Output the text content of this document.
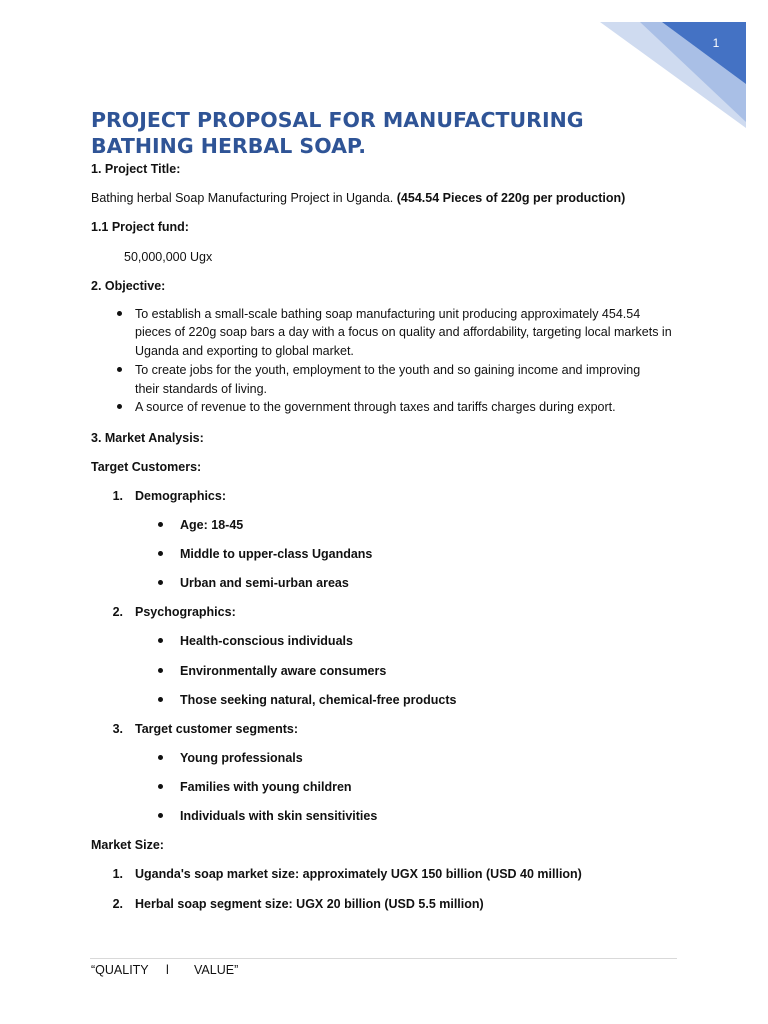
1
PROJECT PROPOSAL FOR MANUFACTURING BATHING HERBAL SOAP.
1. Project Title:
Bathing herbal Soap Manufacturing Project in Uganda. (454.54 Pieces of 220g per production)
1.1 Project fund:
50,000,000 Ugx
2. Objective:
To establish a small-scale bathing soap manufacturing unit producing approximately 454.54
pieces of 220g soap bars a day with a focus on quality and affordability, targeting local markets in
Uganda and exporting to global market.
To create jobs for the youth, employment to the youth and so gaining income and improving
their standards of living.
A source of revenue to the government through taxes and tariffs charges during export.
3. Market Analysis:
Target Customers:
1. Demographics:
Age: 18-45
Middle to upper-class Ugandans
Urban and semi-urban areas
2. Psychographics:
Health-conscious individuals
Environmentally aware consumers
Those seeking natural, chemical-free products
3. Target customer segments:
Young professionals
Families with young children
Individuals with skin sensitivities
Market Size:
1. Uganda's soap market size: approximately UGX 150 billion (USD 40 million)
2. Herbal soap segment size: UGX 20 billion (USD 5.5 million)
“QUALITY l VALUE”
